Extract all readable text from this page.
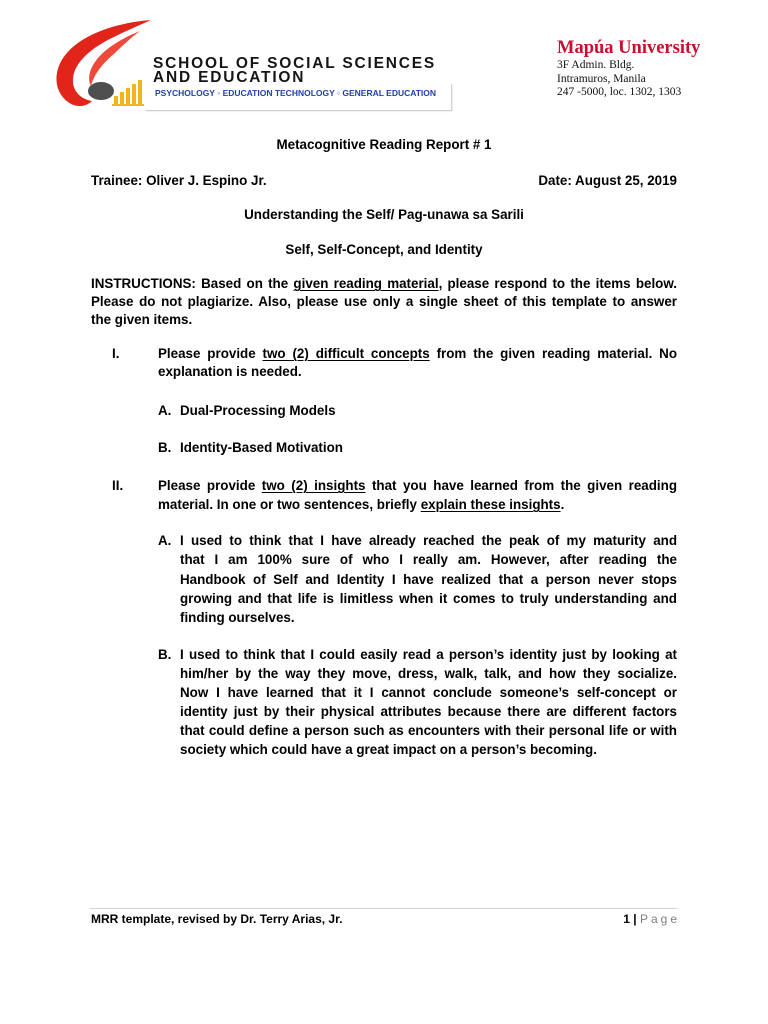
SCHOOL OF SOCIAL SCIENCES
AND EDUCATION
PSYCHOLOGY ◦ EDUCATION TECHNOLOGY ◦ GENERAL EDUCATION
Mapúa University
3F Admin. Bldg.
Intramuros, Manila
247 -5000, loc. 1302, 1303
Metacognitive Reading Report # 1
Trainee: Oliver J. Espino Jr.	Date: August 25, 2019
Understanding the Self/ Pag-unawa sa Sarili
Self, Self-Concept, and Identity
INSTRUCTIONS: Based on the given reading material, please respond to the items below.
Please do not plagiarize. Also, please use only a single sheet of this template to answer
the given items.
I.	Please provide two (2) difficult concepts from the given reading material. No
explanation is needed.
A. Dual-Processing Models
B. Identity-Based Motivation
II.	Please provide two (2) insights that you have learned from the given reading
material. In one or two sentences, briefly explain these insights.
A. I used to think that I have already reached the peak of my maturity and
that I am 100% sure of who I really am. However, after reading the
Handbook of Self and Identity I have realized that a person never stops
growing and that life is limitless when it comes to truly understanding and
finding ourselves.
B. I used to think that I could easily read a person’s identity just by looking at
him/her by the way they move, dress, walk, talk, and how they socialize.
Now I have learned that it I cannot conclude someone’s self-concept or
identity just by their physical attributes because there are different factors
that could define a person such as encounters with their personal life or with
society which could have a great impact on a person’s becoming.
MRR template, revised by Dr. Terry Arias, Jr.	1 | Page
